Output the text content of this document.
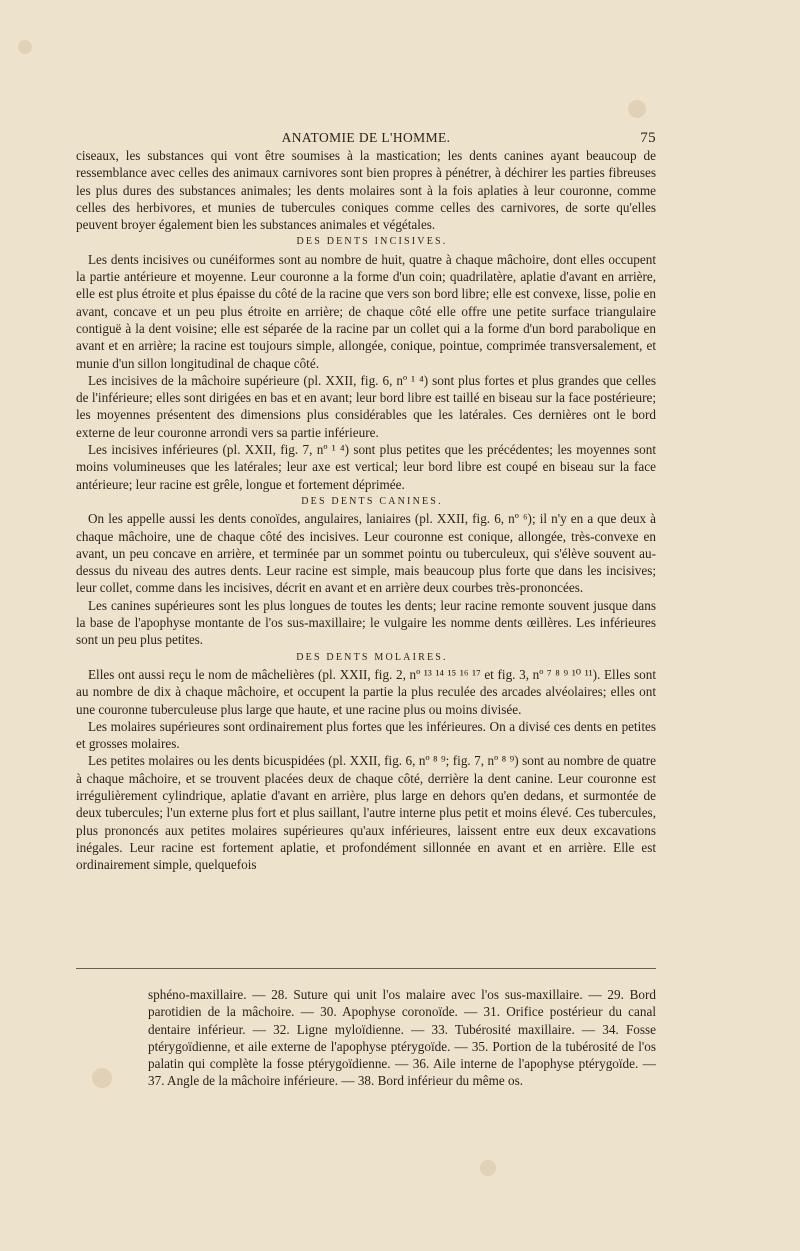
ANATOMIE DE L'HOMME.	75

ciseaux, les substances qui vont être soumises à la mastication; les dents canines ayant beaucoup de ressemblance avec celles des animaux carnivores sont bien propres à pénétrer, à déchirer les parties fibreuses les plus dures des substances animales; les dents molaires sont à la fois aplaties à leur couronne, comme celles des herbivores, et munies de tubercules coniques comme celles des carnivores, de sorte qu'elles peuvent broyer également bien les substances animales et végétales.

DES DENTS INCISIVES.

Les dents incisives ou cunéiformes sont au nombre de huit, quatre à chaque mâchoire, dont elles occupent la partie antérieure et moyenne. Leur couronne a la forme d'un coin; quadrilatère, aplatie d'avant en arrière, elle est plus étroite et plus épaisse du côté de la racine que vers son bord libre; elle est convexe, lisse, polie en avant, concave et un peu plus étroite en arrière; de chaque côté elle offre une petite surface triangulaire contiguë à la dent voisine; elle est séparée de la racine par un collet qui a la forme d'un bord parabolique en avant et en arrière; la racine est toujours simple, allongée, conique, pointue, comprimée transversalement, et munie d'un sillon longitudinal de chaque côté.

Les incisives de la mâchoire supérieure (pl. XXII, fig. 6, nº ¹ ⁴) sont plus fortes et plus grandes que celles de l'inférieure; elles sont dirigées en bas et en avant; leur bord libre est taillé en biseau sur la face postérieure; les moyennes présentent des dimensions plus considérables que les latérales. Ces dernières ont le bord externe de leur couronne arrondi vers sa partie inférieure.

Les incisives inférieures (pl. XXII, fig. 7, nº ¹ ⁴) sont plus petites que les précédentes; les moyennes sont moins volumineuses que les latérales; leur axe est vertical; leur bord libre est coupé en biseau sur la face antérieure; leur racine est grêle, longue et fortement déprimée.

DES DENTS CANINES.

On les appelle aussi les dents conoïdes, angulaires, laniaires (pl. XXII, fig. 6, nº ⁶); il n'y en a que deux à chaque mâchoire, une de chaque côté des incisives. Leur couronne est conique, allongée, très-convexe en avant, un peu concave en arrière, et terminée par un sommet pointu ou tuberculeux, qui s'élève souvent au-dessus du niveau des autres dents. Leur racine est simple, mais beaucoup plus forte que dans les incisives; leur collet, comme dans les incisives, décrit en avant et en arrière deux courbes très-prononcées.

Les canines supérieures sont les plus longues de toutes les dents; leur racine remonte souvent jusque dans la base de l'apophyse montante de l'os sus-maxillaire; le vulgaire les nomme dents œillères. Les inférieures sont un peu plus petites.

DES DENTS MOLAIRES.

Elles ont aussi reçu le nom de mâchelières (pl. XXII, fig. 2, nº ¹³ ¹⁴ ¹⁵ ¹⁶ ¹⁷ et fig. 3, nº ⁷ ⁸ ⁹ ¹⁰ ¹¹). Elles sont au nombre de dix à chaque mâchoire, et occupent la partie la plus reculée des arcades alvéolaires; elles ont une couronne tuberculeuse plus large que haute, et une racine plus ou moins divisée.

Les molaires supérieures sont ordinairement plus fortes que les inférieures. On a divisé ces dents en petites et grosses molaires.

Les petites molaires ou les dents bicuspidées (pl. XXII, fig. 6, nº ⁸ ⁹; fig. 7, nº ⁸ ⁹) sont au nombre de quatre à chaque mâchoire, et se trouvent placées deux de chaque côté, derrière la dent canine. Leur couronne est irrégulièrement cylindrique, aplatie d'avant en arrière, plus large en dehors qu'en dedans, et surmontée de deux tubercules; l'un externe plus fort et plus saillant, l'autre interne plus petit et moins élevé. Ces tubercules, plus prononcés aux petites molaires supérieures qu'aux inférieures, laissent entre eux deux excavations inégales. Leur racine est fortement aplatie, et profondément sillonnée en avant et en arrière. Elle est ordinairement simple, quelquefois

sphéno-maxillaire. — 28. Suture qui unit l'os malaire avec l'os sus-maxillaire. — 29. Bord parotidien de la mâchoire. — 30. Apophyse coronoïde. — 31. Orifice postérieur du canal dentaire inférieur. — 32. Ligne myloïdienne. — 33. Tubérosité maxillaire. — 34. Fosse ptérygoïdienne, et aile externe de l'apophyse ptérygoïde. — 35. Portion de la tubérosité de l'os palatin qui complète la fosse ptérygoïdienne. — 36. Aile interne de l'apophyse ptérygoïde. — 37. Angle de la mâchoire inférieure. — 38. Bord inférieur du même os.
